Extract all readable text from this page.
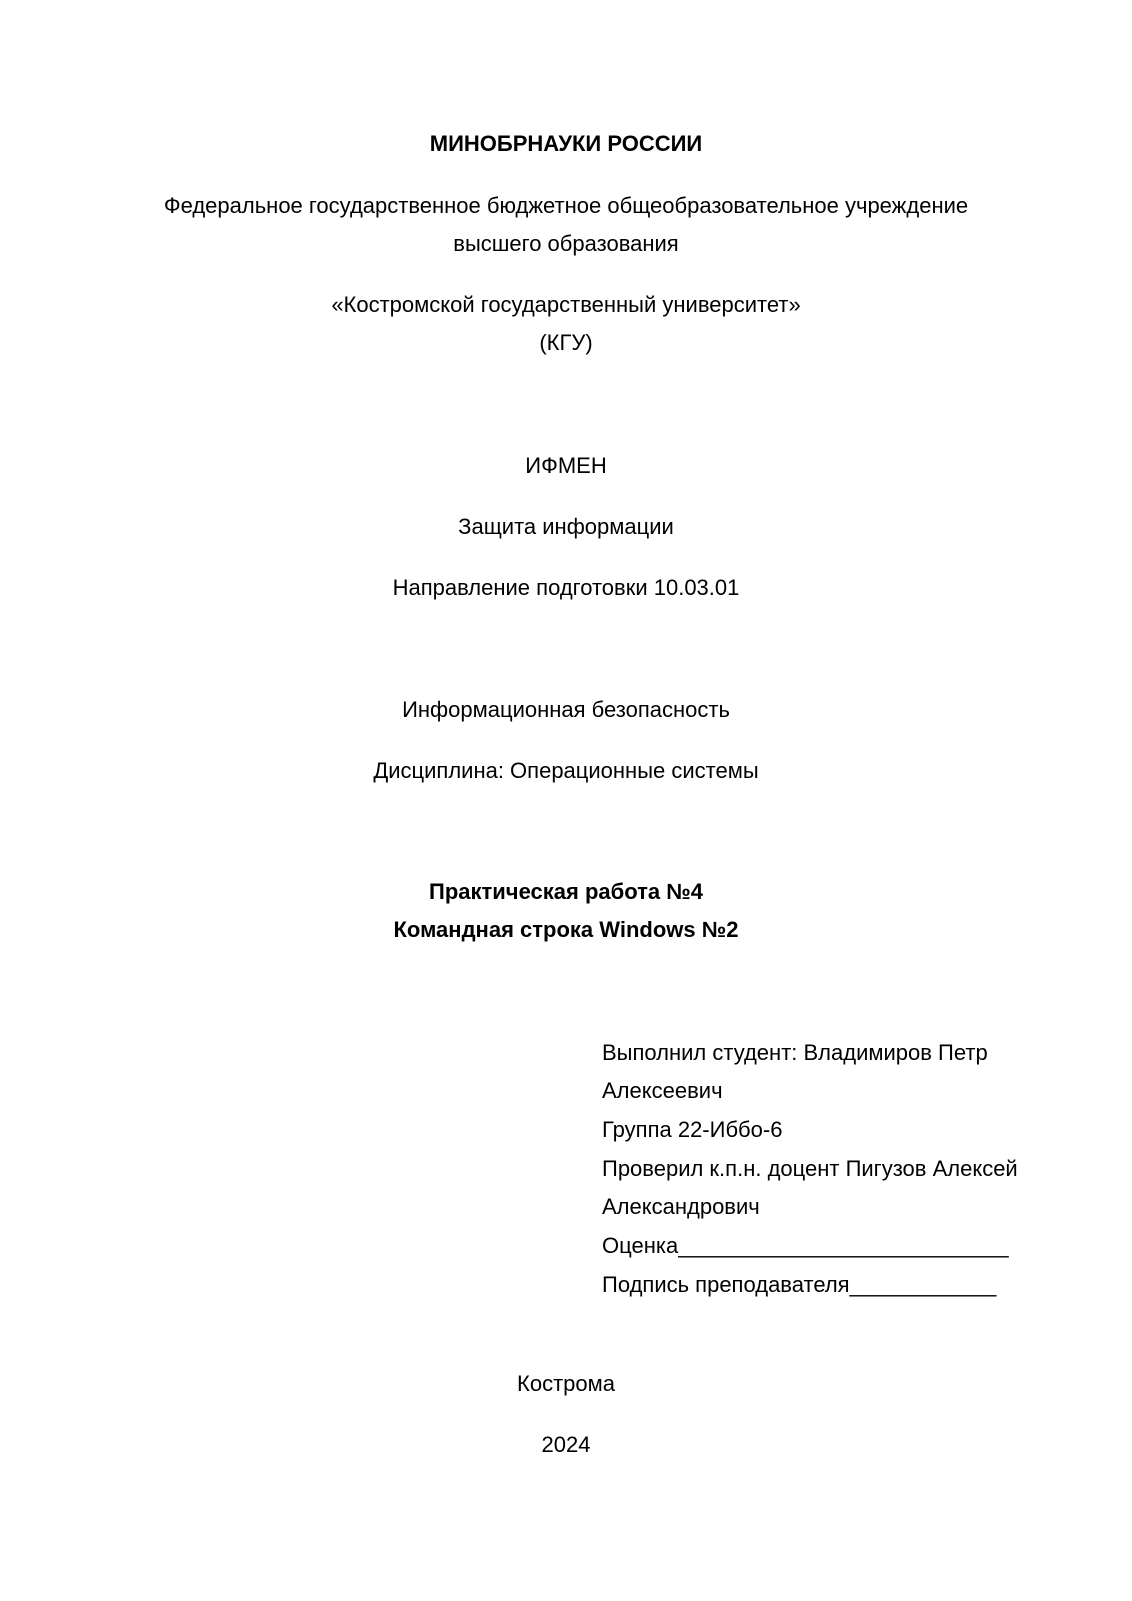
МИНОБРНАУКИ РОССИИ
Федеральное государственное бюджетное общеобразовательное учреждение
высшего образования
«Костромской государственный университет»
(КГУ)
ИФМЕН
Защита информации
Направление подготовки 10.03.01
Информационная безопасность
Дисциплина: Операционные системы
Практическая работа №4
Командная строка Windows №2
Выполнил студент: Владимиров Петр
Алексеевич
Группа 22-Иббо-6
Проверил к.п.н. доцент Пигузов Алексей
Александрович
Оценка___________________________
Подпись преподавателя____________
Кострома
2024
